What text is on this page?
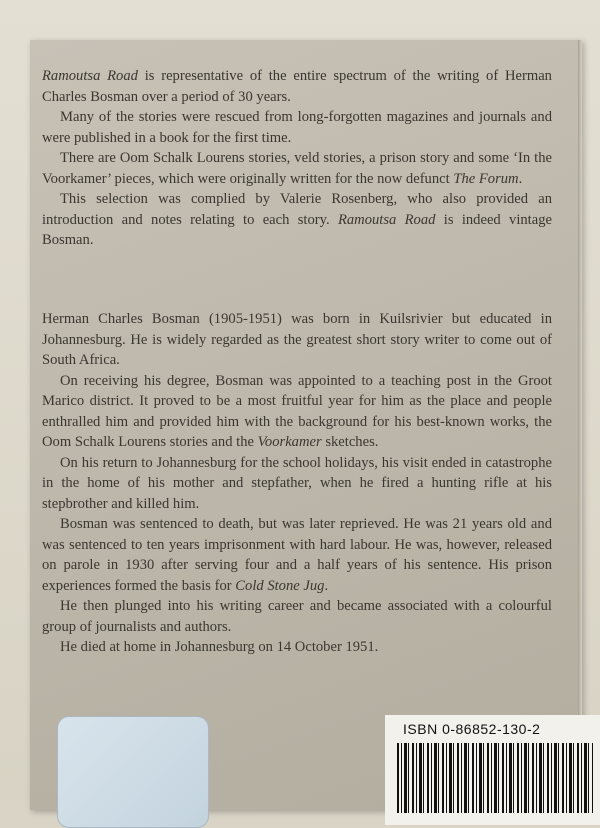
Ramoutsa Road is representative of the entire spectrum of the writing of Herman Charles Bosman over a period of 30 years.

Many of the stories were rescued from long-forgotten magazines and journals and were published in a book for the first time.

There are Oom Schalk Lourens stories, veld stories, a prison story and some ‘In the Voorkamer’ pieces, which were originally written for the now defunct The Forum.

This selection was complied by Valerie Rosenberg, who also provided an introduction and notes relating to each story. Ramoutsa Road is indeed vintage Bosman.

Herman Charles Bosman (1905-1951) was born in Kuilsrivier but educated in Johannesburg. He is widely regarded as the greatest short story writer to come out of South Africa.

On receiving his degree, Bosman was appointed to a teaching post in the Groot Marico district. It proved to be a most fruitful year for him as the place and people enthralled him and provided him with the background for his best-known works, the Oom Schalk Lourens stories and the Voorkamer sketches.

On his return to Johannesburg for the school holidays, his visit ended in catastrophe in the home of his mother and stepfather, when he fired a hunting rifle at his stepbrother and killed him.

Bosman was sentenced to death, but was later reprieved. He was 21 years old and was sentenced to ten years imprisonment with hard labour. He was, however, released on parole in 1930 after serving four and a half years of his sentence. His prison experiences formed the basis for Cold Stone Jug.

He then plunged into his writing career and became associated with a colourful group of journalists and authors.

He died at home in Johannesburg on 14 October 1951.

ISBN 0-86852-130-2
